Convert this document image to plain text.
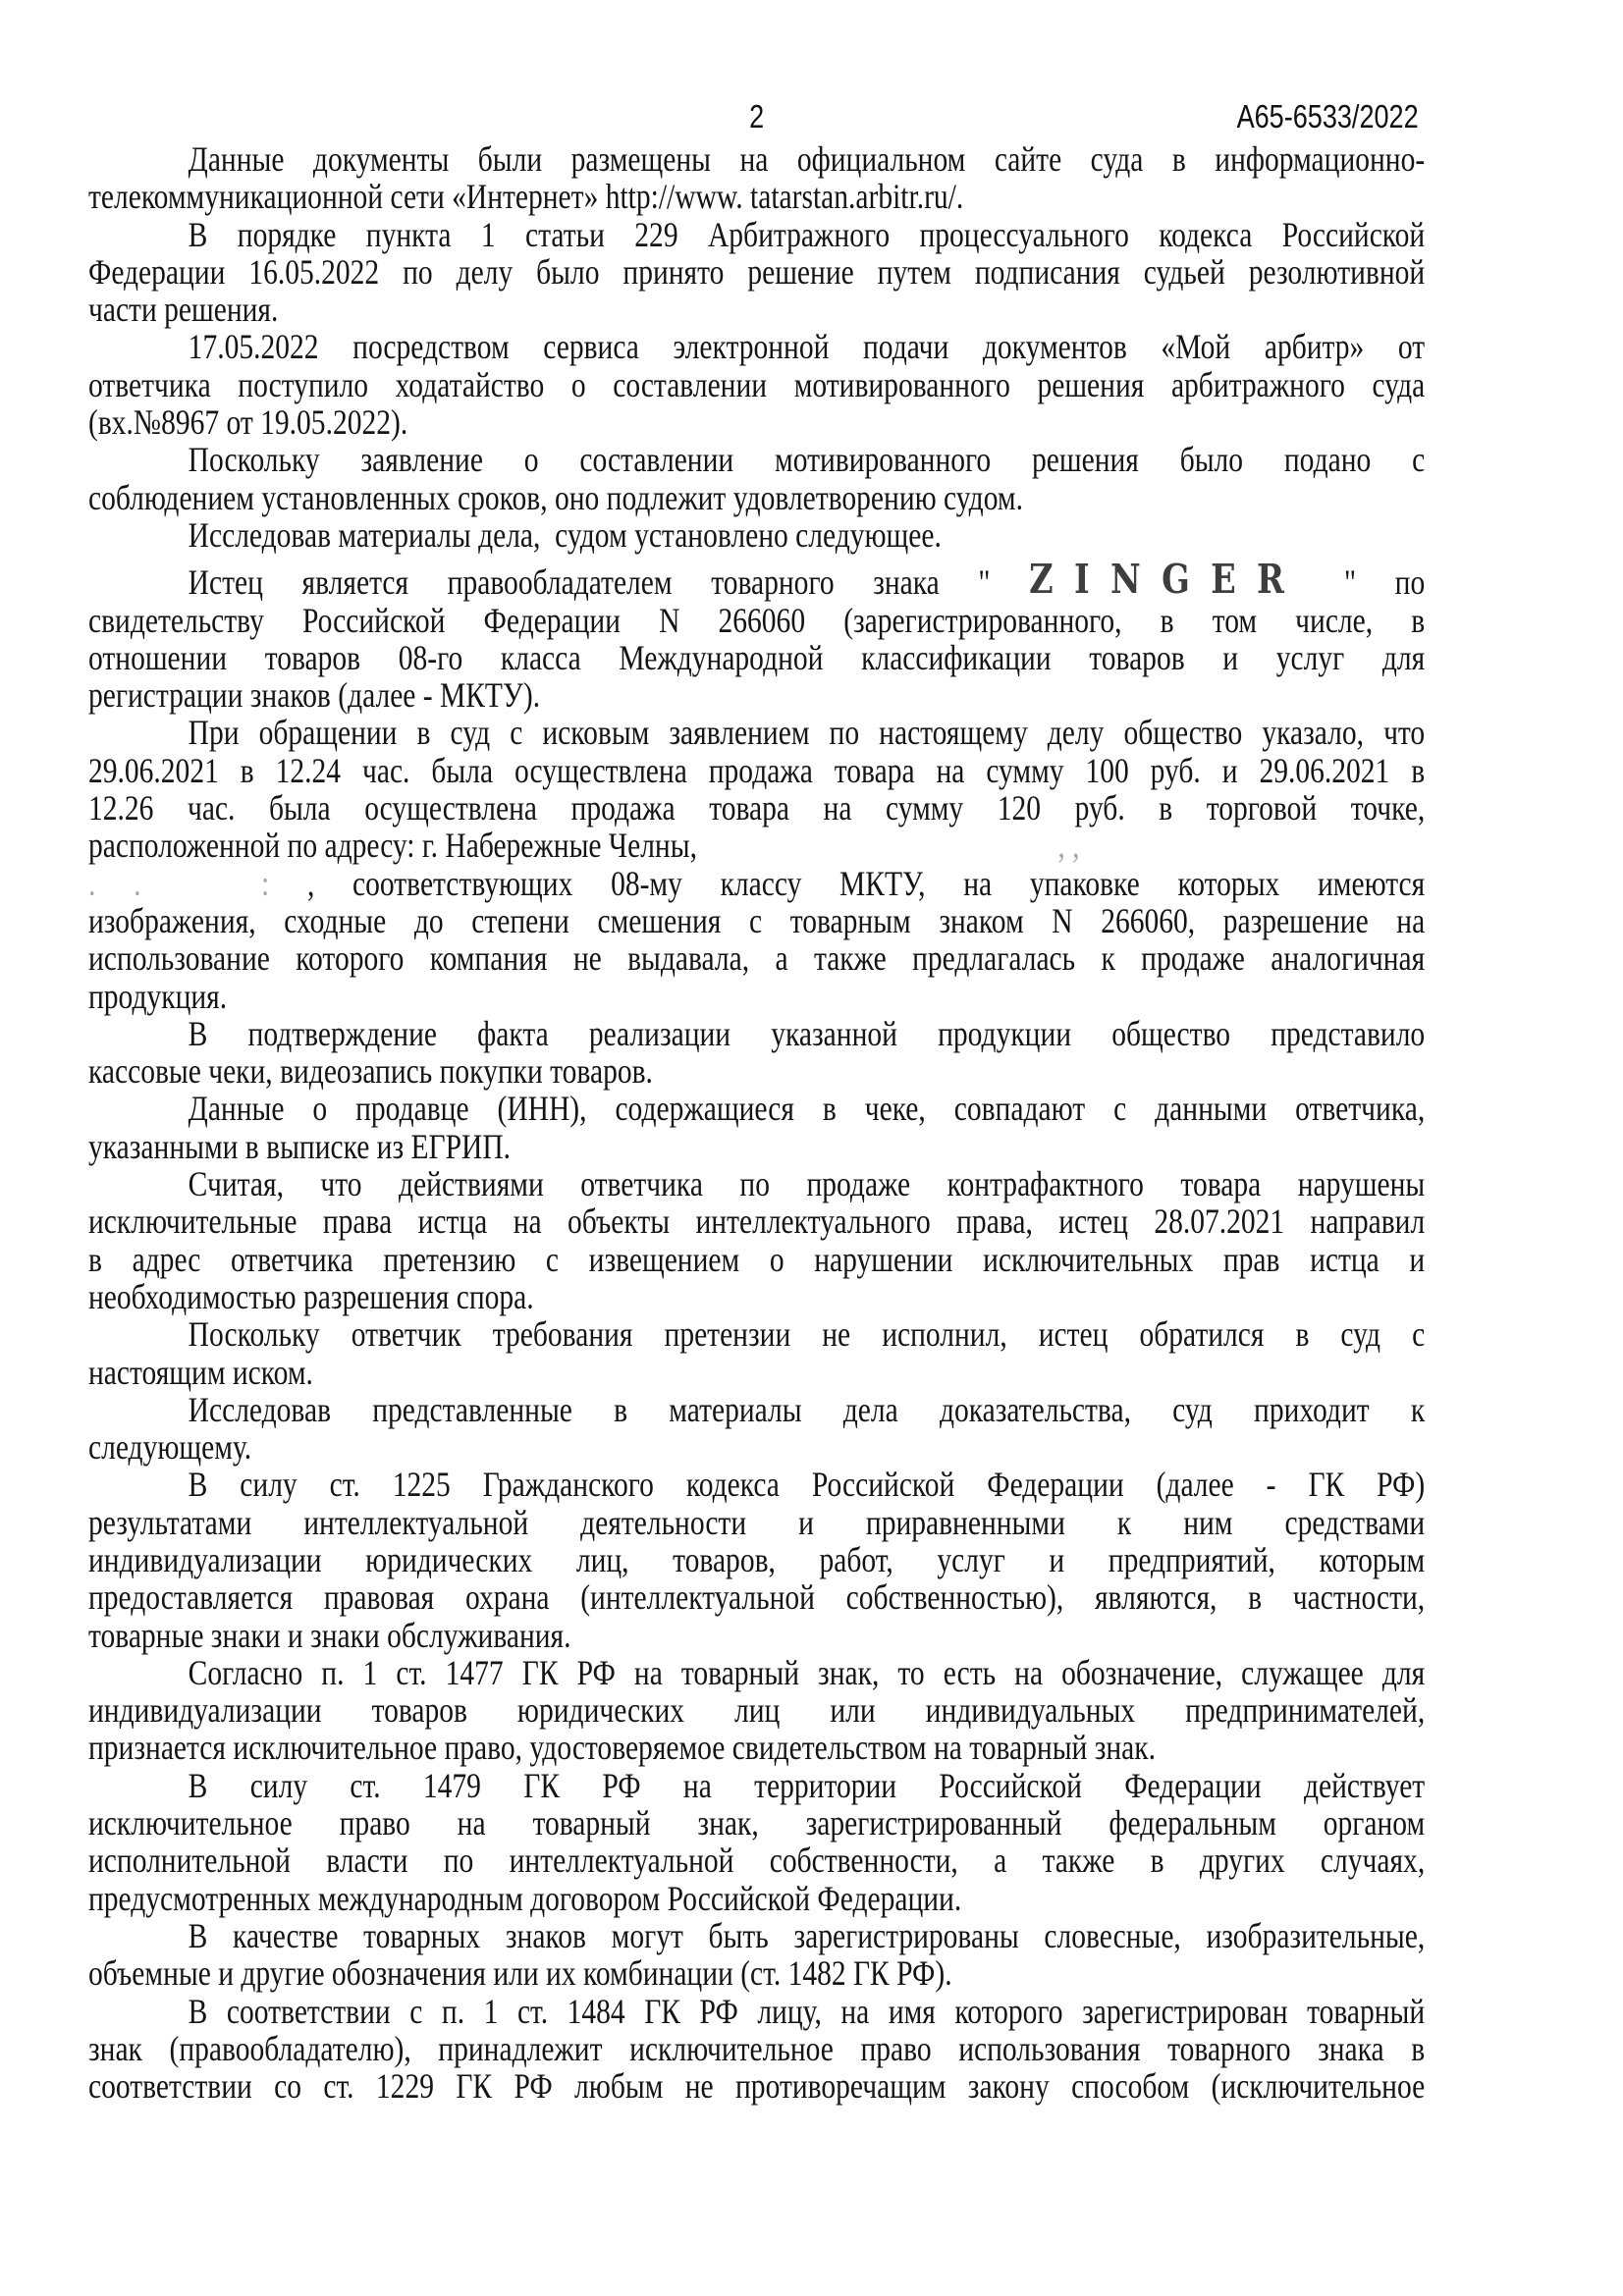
2	А65-6533/2022
Данные документы были размещены на официальном сайте суда в информационно-
телекоммуникационной сети «Интернет» http://www. tatarstan.arbitr.ru/.
В порядке пункта 1 статьи 229 Арбитражного процессуального кодекса Российской
Федерации 16.05.2022 по делу было принято решение путем подписания судьей резолютивной
части решения.
17.05.2022 посредством сервиса электронной подачи документов «Мой арбитр» от
ответчика поступило ходатайство о составлении мотивированного решения арбитражного суда
(вх.№8967 от 19.05.2022).
Поскольку заявление о составлении мотивированного решения было подано с
соблюдением установленных сроков, оно подлежит удовлетворению судом.
Исследовав материалы дела,  судом установлено следующее.
Истец является правообладателем товарного знака " ZINGER " по
свидетельству Российской Федерации N 266060 (зарегистрированного, в том числе, в
отношении товаров 08-го класса Международной классификации товаров и услуг для
регистрации знаков (далее - МКТУ).
При обращении в суд с исковым заявлением по настоящему делу общество указало, что
29.06.2021 в 12.24 час. была осуществлена продажа товара на сумму 100 руб. и 29.06.2021 в
12.26 час. была осуществлена продажа товара на сумму 120 руб. в торговой точке,
расположенной по адресу: г. Набережные Челны,	, ,
. .	: , соответствующих 08-му классу МКТУ, на упаковке которых имеются
изображения, сходные до степени смешения с товарным знаком N 266060, разрешение на
использование которого компания не выдавала, а также предлагалась к продаже аналогичная
продукция.
В подтверждение факта реализации указанной продукции общество представило
кассовые чеки, видеозапись покупки товаров.
Данные о продавце (ИНН), содержащиеся в чеке, совпадают с данными ответчика,
указанными в выписке из ЕГРИП.
Считая, что действиями ответчика по продаже контрафактного товара нарушены
исключительные права истца на объекты интеллектуального права, истец 28.07.2021 направил
в адрес ответчика претензию с извещением о нарушении исключительных прав истца и
необходимостью разрешения спора.
Поскольку ответчик требования претензии не исполнил, истец обратился в суд с
настоящим иском.
Исследовав представленные в материалы дела доказательства, суд приходит к
следующему.
В силу ст. 1225 Гражданского кодекса Российской Федерации (далее - ГК РФ)
результатами интеллектуальной деятельности и приравненными к ним средствами
индивидуализации юридических лиц, товаров, работ, услуг и предприятий, которым
предоставляется правовая охрана (интеллектуальной собственностью), являются, в частности,
товарные знаки и знаки обслуживания.
Согласно п. 1 ст. 1477 ГК РФ на товарный знак, то есть на обозначение, служащее для
индивидуализации товаров юридических лиц или индивидуальных предпринимателей,
признается исключительное право, удостоверяемое свидетельством на товарный знак.
В силу ст. 1479 ГК РФ на территории Российской Федерации действует
исключительное право на товарный знак, зарегистрированный федеральным органом
исполнительной власти по интеллектуальной собственности, а также в других случаях,
предусмотренных международным договором Российской Федерации.
В качестве товарных знаков могут быть зарегистрированы словесные, изобразительные,
объемные и другие обозначения или их комбинации (ст. 1482 ГК РФ).
В соответствии с п. 1 ст. 1484 ГК РФ лицу, на имя которого зарегистрирован товарный
знак (правообладателю), принадлежит исключительное право использования товарного знака в
соответствии со ст. 1229 ГК РФ любым не противоречащим закону способом (исключительное
